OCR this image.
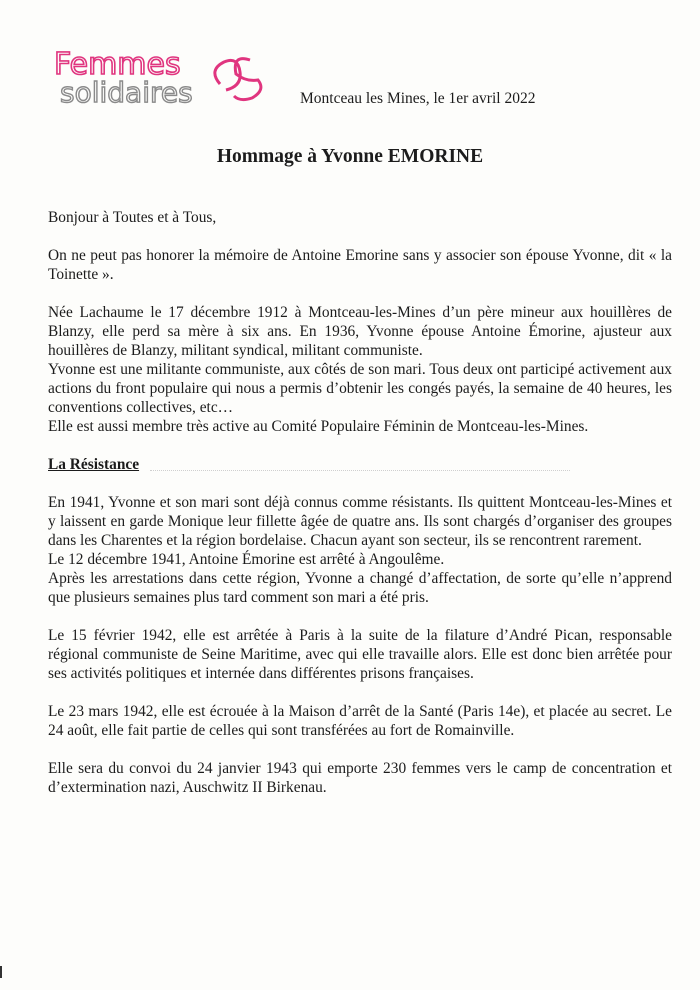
Femmes
solidaires	Montceau les Mines, le 1er avril 2022
Hommage à Yvonne EMORINE

Bonjour à Toutes et à Tous,

On ne peut pas honorer la mémoire de Antoine Emorine sans y associer son épouse Yvonne, dit « la Toinette ».

Née Lachaume le 17 décembre 1912 à Montceau-les-Mines d’un père mineur aux houillères de Blanzy, elle perd sa mère à six ans. En 1936, Yvonne épouse Antoine Émorine, ajusteur aux houillères de Blanzy, militant syndical, militant communiste.

Yvonne est une militante communiste, aux côtés de son mari. Tous deux ont participé activement aux actions du front populaire qui nous a permis d’obtenir les congés payés, la semaine de 40 heures, les conventions collectives, etc…

Elle est aussi membre très active au Comité Populaire Féminin de Montceau-les-Mines.

La Résistance

En 1941, Yvonne et son mari sont déjà connus comme résistants. Ils quittent Montceau-les-Mines et y laissent en garde Monique leur fillette âgée de quatre ans. Ils sont chargés d’organiser des groupes dans les Charentes et la région bordelaise. Chacun ayant son secteur, ils se rencontrent rarement.

Le 12 décembre 1941, Antoine Émorine est arrêté à Angoulême.

Après les arrestations dans cette région, Yvonne a changé d’affectation, de sorte qu’elle n’apprend que plusieurs semaines plus tard comment son mari a été pris.

Le 15 février 1942, elle est arrêtée à Paris à la suite de la filature d’André Pican, responsable régional communiste de Seine Maritime, avec qui elle travaille alors. Elle est donc bien arrêtée pour ses activités politiques et internée dans différentes prisons françaises.

Le 23 mars 1942, elle est écrouée à la Maison d’arrêt de la Santé (Paris 14e), et placée au secret. Le 24 août, elle fait partie de celles qui sont transférées au fort de Romainville.

Elle sera du convoi du 24 janvier 1943 qui emporte 230 femmes vers le camp de concentration et d’extermination nazi, Auschwitz II Birkenau.
